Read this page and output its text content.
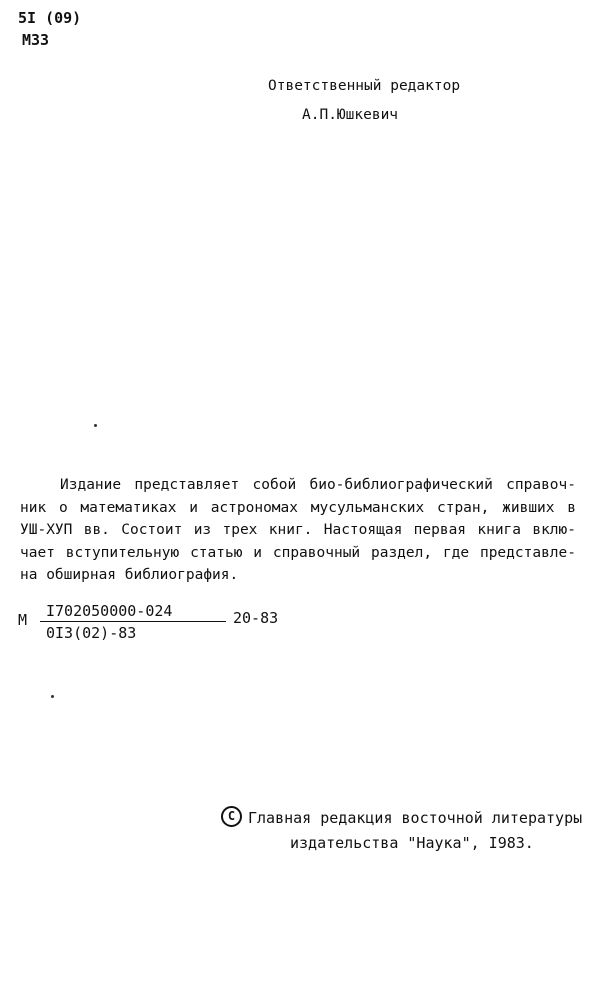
5I (09)
М33
Ответственный редактор
А.П.Юшкевич
Издание представляет собой био-библиографический справоч-
ник о математиках и астрономах мусульманских стран, живших в
УШ-ХУП вв. Состоит из трех книг. Настоящая первая книга вклю-
чает вступительную статью и справочный раздел, где представле-
на обширная библиография.
М I702050000-024
0I3(02)-83
20-83
C Главная редакция восточной литературы
издательства "Наука", I983.
